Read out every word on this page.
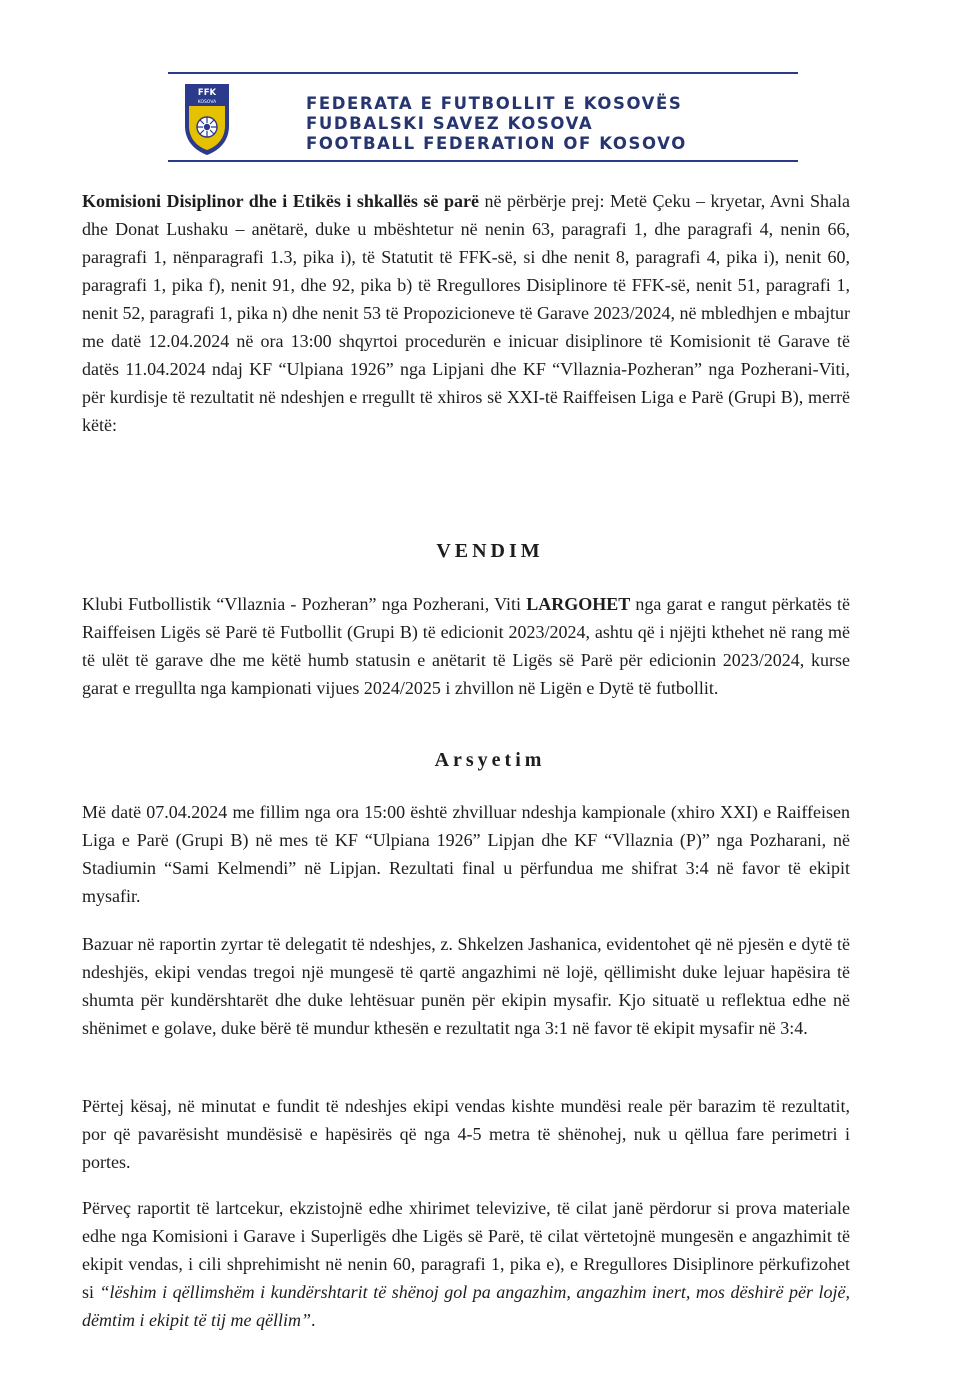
FFK
KOSOVA	FEDERATA E FUTBOLLIT E KOSOVËS
FUDBALSKI SAVEZ KOSOVA
FOOTBALL FEDERATION OF KOSOVO

Komisioni Disiplinor dhe i Etikës i shkallës së parë në përbërje prej: Metë Çeku – kryetar, Avni Shala dhe Donat Lushaku – anëtarë, duke u mbështetur në nenin 63, paragrafi 1, dhe paragrafi 4, nenin 66, paragrafi 1, nënparagrafi 1.3, pika i), të Statutit të FFK-së, si dhe nenit 8, paragrafi 4, pika i), nenit 60, paragrafi 1, pika f), nenit 91, dhe 92, pika b) të Rregullores Disiplinore të FFK-së, nenit 51, paragrafi 1, nenit 52, paragrafi 1, pika n) dhe nenit 53 të Propozicioneve të Garave 2023/2024, në mbledhjen e mbajtur me datë 12.04.2024 në ora 13:00 shqyrtoi procedurën e inicuar disiplinore të Komisionit të Garave të datës 11.04.2024 ndaj KF “Ulpiana 1926” nga Lipjani dhe KF “Vllaznia-Pozheran” nga Pozherani-Viti, për kurdisje të rezultatit në ndeshjen e rregullt të xhiros së XXI-të Raiffeisen Liga e Parë (Grupi B), merrë këtë:

VENDIM

Klubi Futbollistik “Vllaznia - Pozheran” nga Pozherani, Viti LARGOHET nga garat e rangut përkatës të Raiffeisen Ligës së Parë të Futbollit (Grupi B) të edicionit 2023/2024, ashtu që i njëjti kthehet në rang më të ulët të garave dhe me këtë humb statusin e anëtarit të Ligës së Parë për edicionin 2023/2024, kurse garat e rregullta nga kampionati vijues 2024/2025 i zhvillon në Ligën e Dytë të futbollit.

Arsyetim

Më datë 07.04.2024 me fillim nga ora 15:00 është zhvilluar ndeshja kampionale (xhiro XXI) e Raiffeisen Liga e Parë (Grupi B) në mes të KF “Ulpiana 1926” Lipjan dhe KF “Vllaznia (P)” nga Pozharani, në Stadiumin “Sami Kelmendi” në Lipjan. Rezultati final u përfundua me shifrat 3:4 në favor të ekipit mysafir.

Bazuar në raportin zyrtar të delegatit të ndeshjes, z. Shkelzen Jashanica, evidentohet që në pjesën e dytë të ndeshjës, ekipi vendas tregoi një mungesë të qartë angazhimi në lojë, qëllimisht duke lejuar hapësira të shumta për kundërshtarët dhe duke lehtësuar punën për ekipin mysafir. Kjo situatë u reflektua edhe në shënimet e golave, duke bërë të mundur kthesën e rezultatit nga 3:1 në favor të ekipit mysafir në 3:4.

Përtej kësaj, në minutat e fundit të ndeshjes ekipi vendas kishte mundësi reale për barazim të rezultatit, por që pavarësisht mundësisë e hapësirës që nga 4-5 metra të shënohej, nuk u qëllua fare perimetri i portes.

Përveç raportit të lartcekur, ekzistojnë edhe xhirimet televizive, të cilat janë përdorur si prova materiale edhe nga Komisioni i Garave i Superligës dhe Ligës së Parë, të cilat vërtetojnë mungesën e angazhimit të ekipit vendas, i cili shprehimisht në nenin 60, paragrafi 1, pika e), e Rregullores Disiplinore përkufizohet si “lëshim i qëllimshëm i kundërshtarit të shënoj gol pa angazhim, angazhim inert, mos dëshirë për lojë, dëmtim i ekipit të tij me qëllim”.
